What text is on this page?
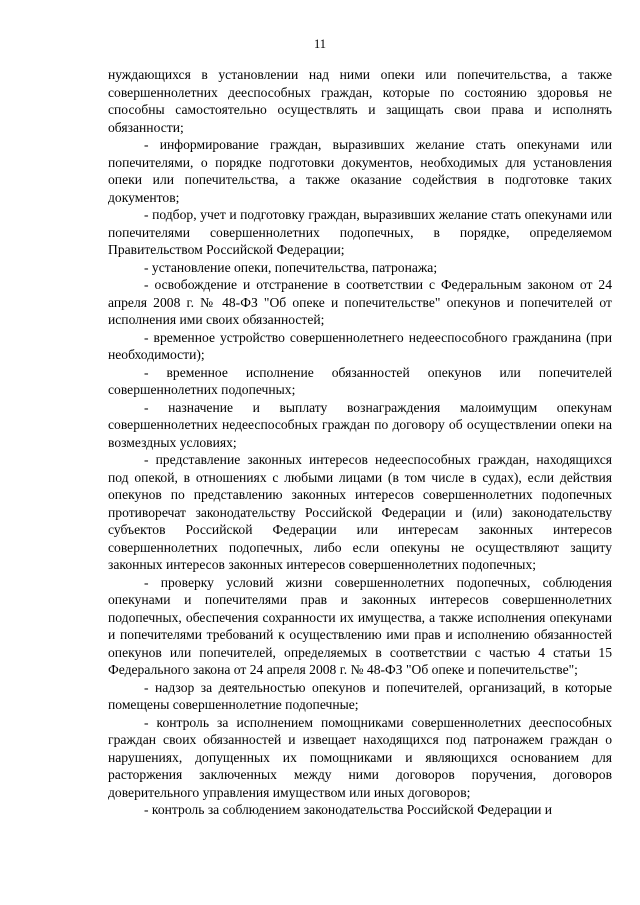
11

нуждающихся в установлении над ними опеки или попечительства, а также совершеннолетних дееспособных граждан, которые по состоянию здоровья не способны самостоятельно осуществлять и защищать свои права и исполнять обязанности;

- информирование граждан, выразивших желание стать опекунами или попечителями, о порядке подготовки документов, необходимых для установления опеки или попечительства, а также оказание содействия в подготовке таких документов;

- подбор, учет и подготовку граждан, выразивших желание стать опекунами или попечителями совершеннолетних подопечных, в порядке, определяемом Правительством Российской Федерации;

- установление опеки, попечительства, патронажа;

- освобождение и отстранение в соответствии с Федеральным законом от 24 апреля 2008 г. № 48-ФЗ "Об опеке и попечительстве" опекунов и попечителей от исполнения ими своих обязанностей;

- временное устройство совершеннолетнего недееспособного гражданина (при необходимости);

- временное исполнение обязанностей опекунов или попечителей совершеннолетних подопечных;

- назначение и выплату вознаграждения малоимущим опекунам совершеннолетних недееспособных граждан по договору об осуществлении опеки на возмездных условиях;

- представление законных интересов недееспособных граждан, находящихся под опекой, в отношениях с любыми лицами (в том числе в судах), если действия опекунов по представлению законных интересов совершеннолетних подопечных противоречат законодательству Российской Федерации и (или) законодательству субъектов Российской Федерации или интересам законных интересов совершеннолетних подопечных, либо если опекуны не осуществляют защиту законных интересов законных интересов совершеннолетних подопечных;

- проверку условий жизни совершеннолетних подопечных, соблюдения опекунами и попечителями прав и законных интересов совершеннолетних подопечных, обеспечения сохранности их имущества, а также исполнения опекунами и попечителями требований к осуществлению ими прав и исполнению обязанностей опекунов или попечителей, определяемых в соответствии с частью 4 статьи 15 Федерального закона от 24 апреля 2008 г. № 48-ФЗ "Об опеке и попечительстве";

- надзор за деятельностью опекунов и попечителей, организаций, в которые помещены совершеннолетние подопечные;

- контроль за исполнением помощниками совершеннолетних дееспособных граждан своих обязанностей и извещает находящихся под патронажем граждан о нарушениях, допущенных их помощниками и являющихся основанием для расторжения заключенных между ними договоров поручения, договоров доверительного управления имуществом или иных договоров;

- контроль за соблюдением законодательства Российской Федерации и
